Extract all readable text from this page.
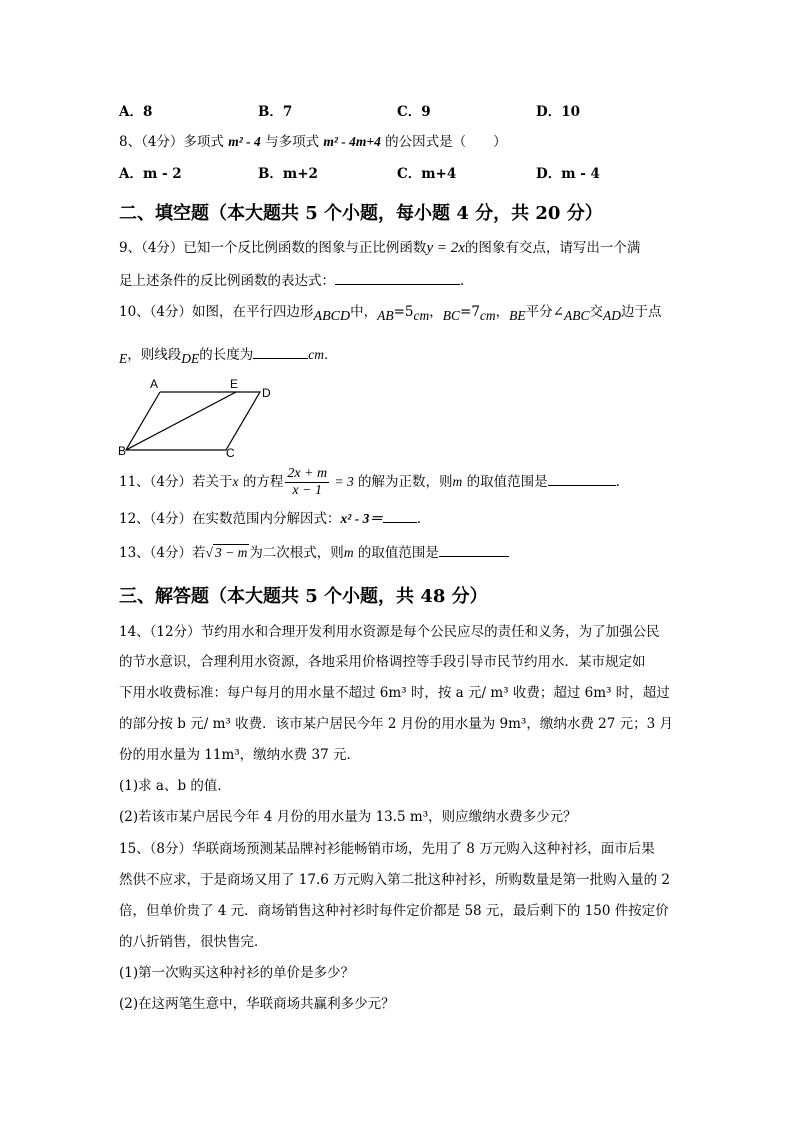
A．8	B．7	C．9	D．10
8、（4分）多项式 m² - 4 与多项式 m² - 4m+4 的公因式是（　　）
A．m - 2	B．m+2	C．m+4	D．m - 4
二、填空题（本大题共 5 个小题，每小题 4 分，共 20 分）
9、（4分）已知一个反比例函数的图象与正比例函数y = 2x的图象有交点，请写出一个满
足上述条件的反比例函数的表达式：	．
10、（4分）如图，在平行四边形ABCD中，AB=5cm，BC=7cm，BE平分∠ABC交AD边于点
E，则线段DE的长度为	cm．
A	E
D
B	C
11、（4分）若关于x 的方程 $\frac{2x + m}{x - 1} = 3$ 的解为正数，则m 的取值范围是	．
12、（4分）在实数范围内分解因式：x² - 3＝	．
13、（4分）若√ 3 − m 为二次根式，则m 的取值范围是
三、解答题（本大题共 5 个小题，共 48 分）
14、（12分）节约用水和合理开发利用水资源是每个公民应尽的责任和义务，为了加强公民
的节水意识，合理利用水资源，各地采用价格调控等手段引导市民节约用水．某市规定如
下用水收费标准：每户每月的用水量不超过 6m³ 时，按 a 元/ m³ 收费；超过 6m³ 时，超过
的部分按 b 元/ m³ 收费．该市某户居民今年 2 月份的用水量为 9m³，缴纳水费 27 元；3 月
份的用水量为 11m³，缴纳水费 37 元．
(1)求 a、b 的值．
(2)若该市某户居民今年 4 月份的用水量为 13.5 m³，则应缴纳水费多少元？
15、（8分）华联商场预测某品牌衬衫能畅销市场，先用了 8 万元购入这种衬衫，面市后果
然供不应求，于是商场又用了 17.6 万元购入第二批这种衬衫，所购数量是第一批购入量的 2
倍，但单价贵了 4 元．商场销售这种衬衫时每件定价都是 58 元，最后剩下的 150 件按定价
的八折销售，很快售完．
(1)第一次购买这种衬衫的单价是多少？
(2)在这两笔生意中，华联商场共赢利多少元？
